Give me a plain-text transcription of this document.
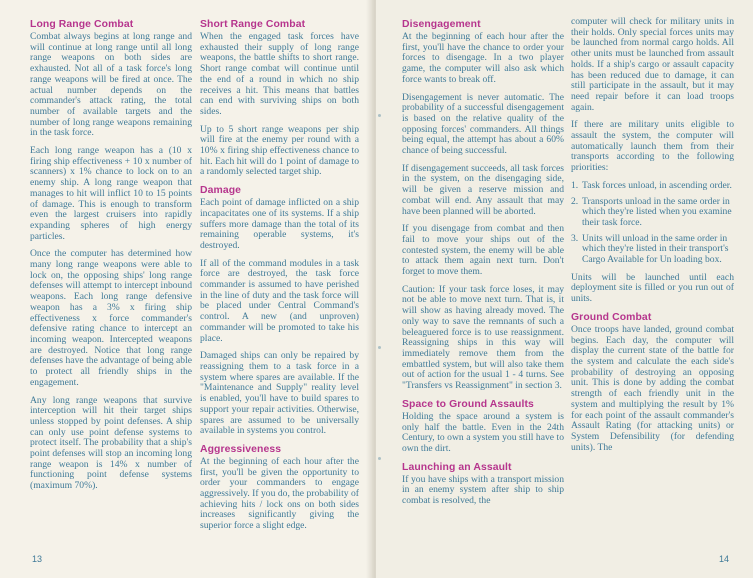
Long Range Combat

Combat always begins at long range and will continue at long range until all long range weapons on both sides are exhausted. Not all of a task force's long range weapons will be fired at once. The actual number depends on the commander's attack rating, the total number of available targets and the number of long range weapons remaining in the task force.

Each long range weapon has a (10 x firing ship effectiveness + 10 x number of scanners) x 1% chance to lock on to an enemy ship. A long range weapon that manages to hit will inflict 10 to 15 points of damage. This is enough to transform even the largest cruisers into rapidly expanding spheres of high energy particles.

Once the computer has determined how many long range weapons were able to lock on, the opposing ships' long range defenses will attempt to intercept inbound weapons. Each long range defensive weapon has a 3% x firing ship effectiveness x force commander's defensive rating chance to intercept an incoming weapon. Intercepted weapons are destroyed. Notice that long range defenses have the advantage of being able to protect all friendly ships in the engagement.

Any long range weapons that survive interception will hit their target ships unless stopped by point defenses. A ship can only use point defense systems to protect itself. The probability that a ship's point defenses will stop an incoming long range weapon is 14% x number of functioning point defense systems (maximum 70%).

Short Range Combat

When the engaged task forces have exhausted their supply of long range weapons, the battle shifts to short range. Short range combat will continue until the end of a round in which no ship receives a hit. This means that battles can end with surviving ships on both sides.

Up to 5 short range weapons per ship will fire at the enemy per round with a 10% x firing ship effectiveness chance to hit. Each hit will do 1 point of damage to a randomly selected target ship.

Damage

Each point of damage inflicted on a ship incapacitates one of its systems. If a ship suffers more damage than the total of its remaining operable systems, it's destroyed.

If all of the command modules in a task force are destroyed, the task force commander is assumed to have perished in the line of duty and the task force will be placed under Central Command's control. A new (and unproven) commander will be promoted to take his place.

Damaged ships can only be repaired by reassigning them to a task force in a system where spares are available. If the "Maintenance and Supply" reality level is enabled, you'll have to build spares to support your repair activities. Otherwise, spares are assumed to be universally available in systems you control.

Aggressiveness

At the beginning of each hour after the first, you'll be given the opportunity to order your commanders to engage aggressively. If you do, the probability of achieving hits / lock ons on both sides increases significantly giving the superior force a slight edge.

13
Disengagement

At the beginning of each hour after the first, you'll have the chance to order your forces to disengage. In a two player game, the computer will also ask which force wants to break off.

Disengagement is never automatic. The probability of a successful disengagement is based on the relative quality of the opposing forces' commanders. All things being equal, the attempt has about a 60% chance of being successful.

If disengagement succeeds, all task forces in the system, on the disengaging side, will be given a reserve mission and combat will end. Any assault that may have been planned will be aborted.

If you disengage from combat and then fail to move your ships out of the contested system, the enemy will be able to attack them again next turn. Don't forget to move them.

Caution: If your task force loses, it may not be able to move next turn. That is, it will show as having already moved. The only way to save the remnants of such a beleaguered force is to use reassignment. Reassigning ships in this way will immediately remove them from the embattled system, but will also take them out of action for the usual 1 - 4 turns. See "Transfers vs Reassignment" in section 3.

Space to Ground Assaults

Holding the space around a system is only half the battle. Even in the 24th Century, to own a system you still have to own the dirt.

Launching an Assault

If you have ships with a transport mission in an enemy system after ship to ship combat is resolved, the

computer will check for military units in their holds. Only special forces units may be launched from normal cargo holds. All other units must be launched from assault holds. If a ship's cargo or assault capacity has been reduced due to damage, it can still participate in the assault, but it may need repair before it can load troops again.

If there are military units eligible to assault the system, the computer will automatically launch them from their transports according to the following priorities:

1. Task forces unload, in ascending order.
2. Transports unload in the same order in which they're listed when you examine their task force.
3. Units will unload in the same order in which they're listed in their transport's Cargo Available for Un loading box.

Units will be launched until each deployment site is filled or you run out of units.

Ground Combat

Once troops have landed, ground combat begins. Each day, the computer will display the current state of the battle for the system and calculate the each side's probability of destroying an opposing unit. This is done by adding the combat strength of each friendly unit in the system and multiplying the result by 1% for each point of the assault commander's Assault Rating (for attacking units) or System Defensibility (for defending units). The

14
